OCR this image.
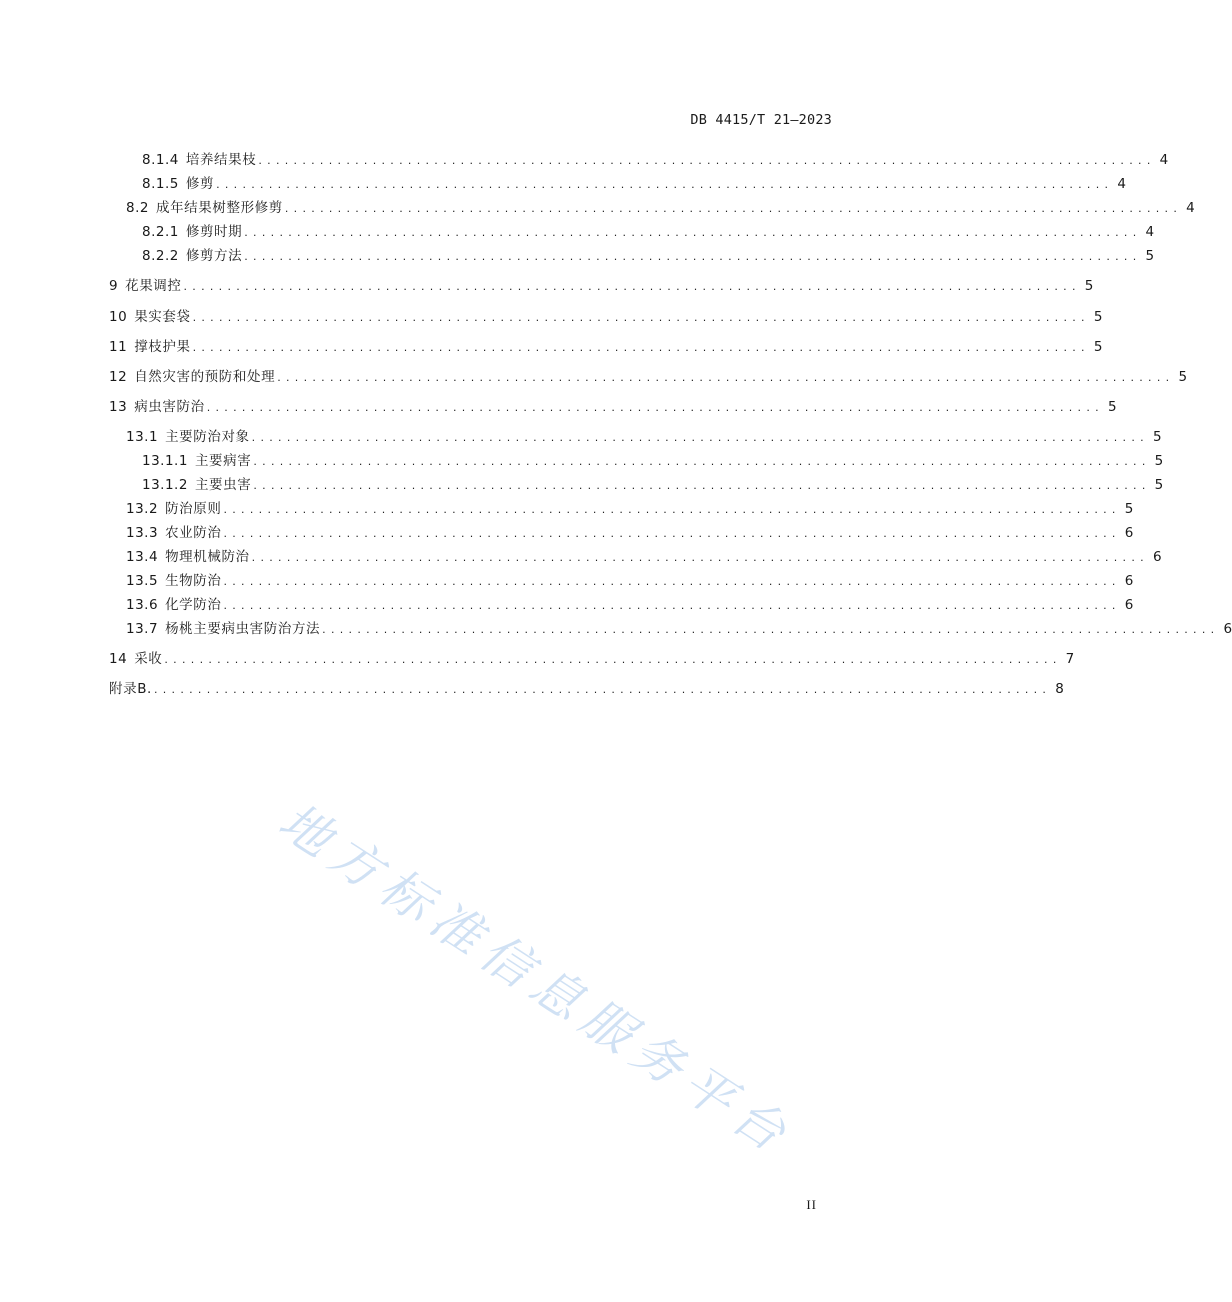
DB 4415/T 21—2023
8.1.4 培养结果枝 ...................................................................................................... 4
8.1.5 修剪 ...................................................................................................... 4
8.2 成年结果树整形修剪 ...................................................................................................... 4
8.2.1 修剪时期 ...................................................................................................... 4
8.2.2 修剪方法 ...................................................................................................... 5
9 花果调控 ...................................................................................................... 5
10 果实套袋 ...................................................................................................... 5
11 撑枝护果 ...................................................................................................... 5
12 自然灾害的预防和处理 ...................................................................................................... 5
13 病虫害防治 ...................................................................................................... 5
13.1 主要防治对象 ...................................................................................................... 5
13.1.1 主要病害 ...................................................................................................... 5
13.1.2 主要虫害 ...................................................................................................... 5
13.2 防治原则 ...................................................................................................... 5
13.3 农业防治 ...................................................................................................... 6
13.4 物理机械防治 ...................................................................................................... 6
13.5 生物防治 ...................................................................................................... 6
13.6 化学防治 ...................................................................................................... 6
13.7 杨桃主要病虫害防治方法 ...................................................................................................... 6
14 采收 ...................................................................................................... 7
附录B. ...................................................................................................... 8
地方标准信息服务平台
II
